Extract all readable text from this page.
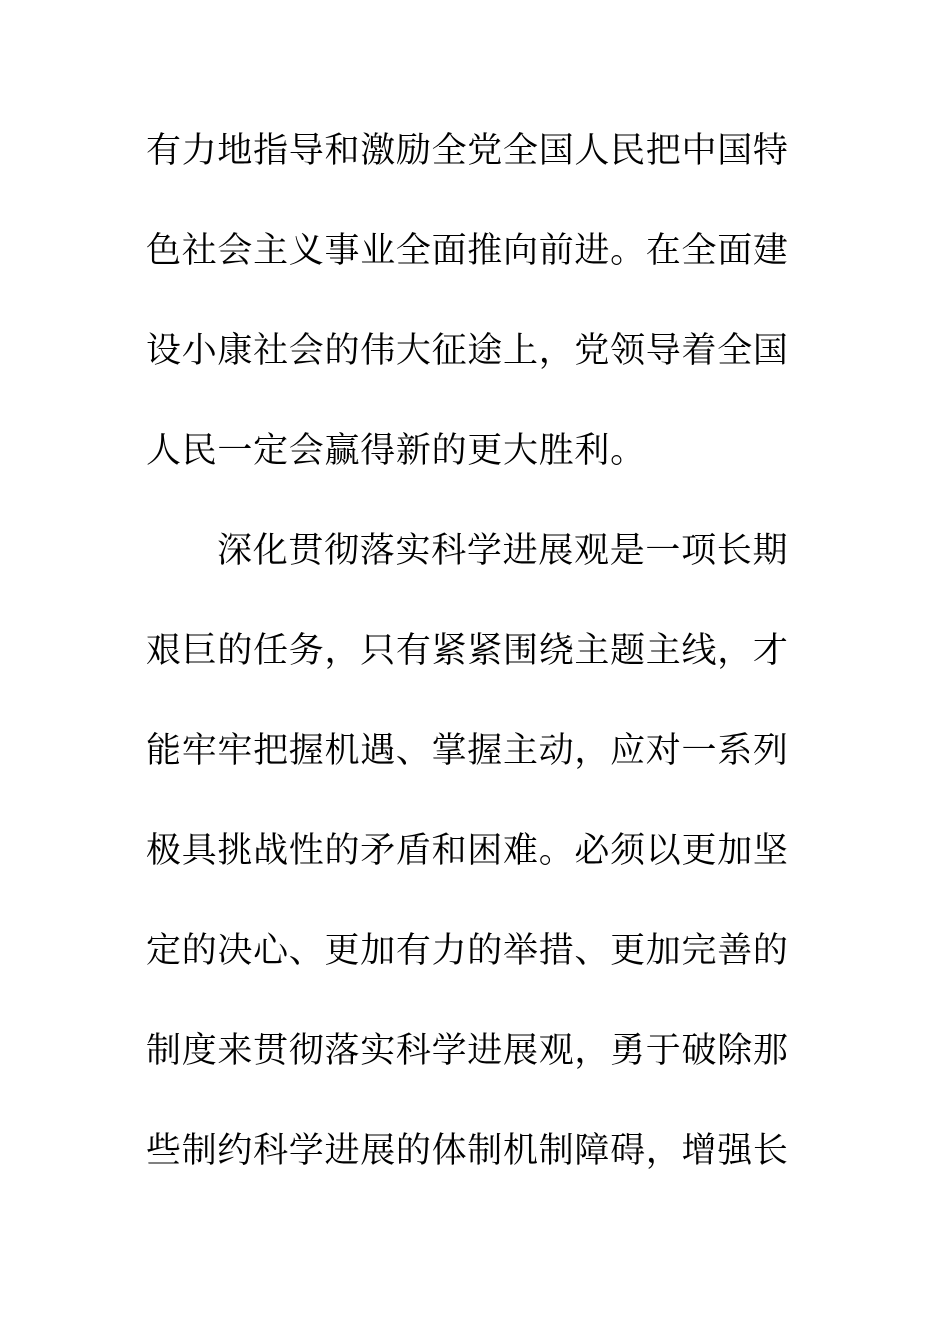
有力地指导和激励全党全国人民把中国特
色社会主义事业全面推向前进。在全面建
设小康社会的伟大征途上，党领导着全国
人民一定会赢得新的更大胜利。
深化贯彻落实科学进展观是一项长期
艰巨的任务，只有紧紧围绕主题主线，才
能牢牢把握机遇、掌握主动，应对一系列
极具挑战性的矛盾和困难。必须以更加坚
定的决心、更加有力的举措、更加完善的
制度来贯彻落实科学进展观，勇于破除那
些制约科学进展的体制机制障碍，增强长
